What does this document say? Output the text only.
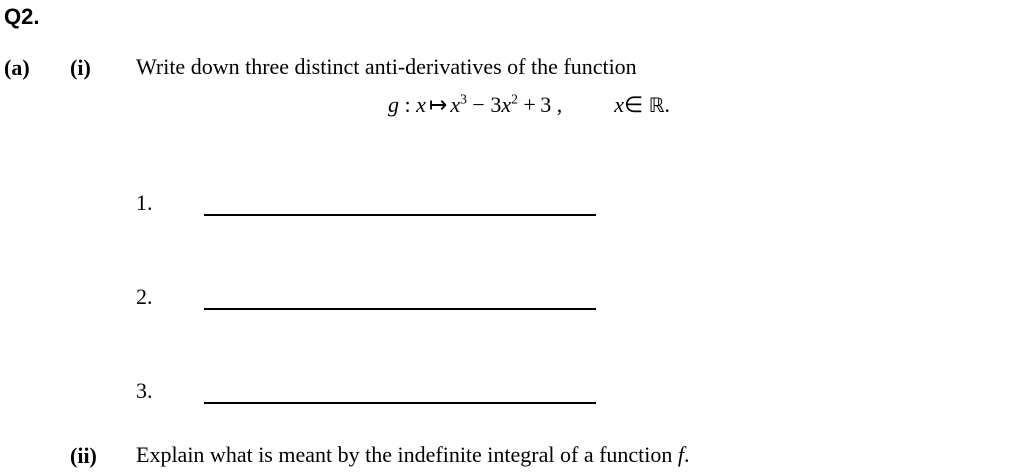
Q2.
(a) (i) Write down three distinct anti-derivatives of the function
g : x ↦ $x^3 - 3x^2 + 3$ , x∈ ℝ.
1.
2.
3.
(ii) Explain what is meant by the indefinite integral of a function f.
